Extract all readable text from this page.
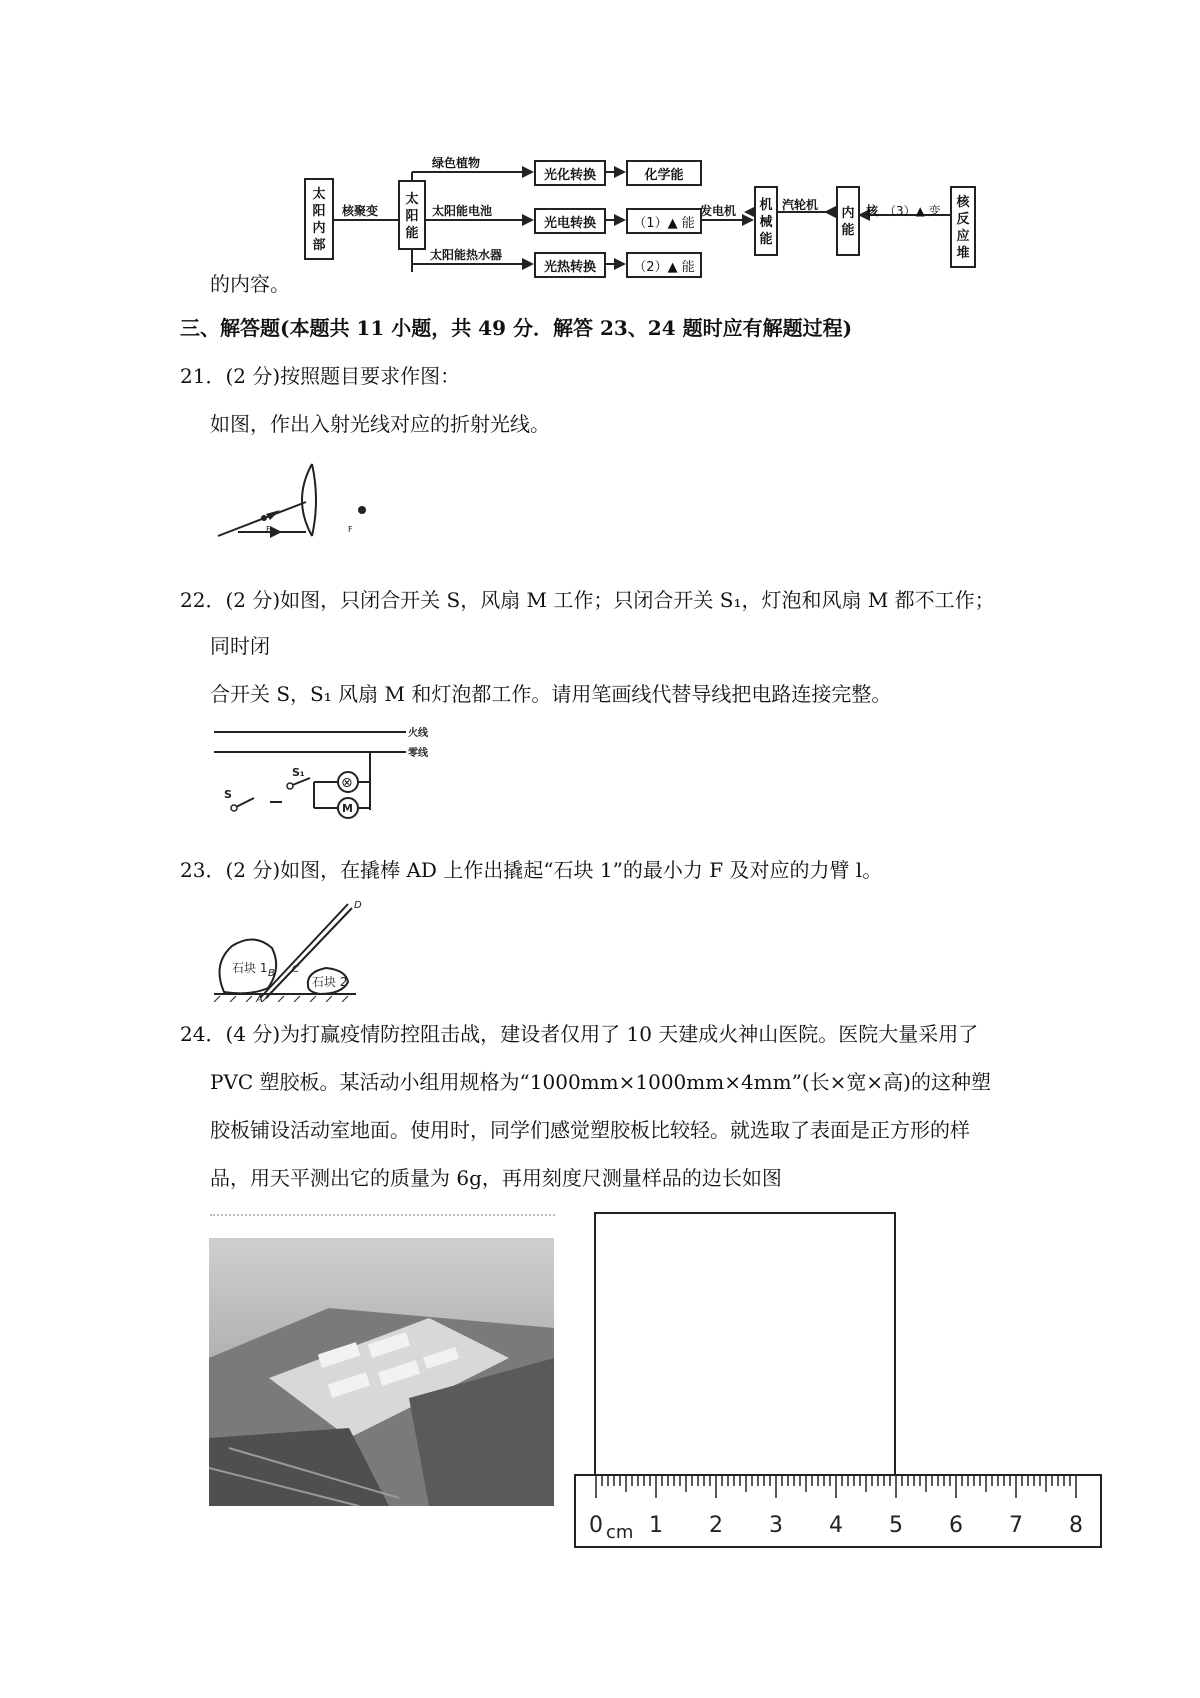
太
阳
内
部
核聚变
太
阳
能
绿色植物
太阳能电池
太阳能热水器
光化转换	化学能
光电转换	（1）▲ 能
光热转换	（2）▲ 能
发电机 机
械
能
汽轮机
内
能
核 （3）▲ 变
核
反
应
堆
的内容。
三、解答题(本题共 11 小题，共 49 分．解答 23、24 题时应有解题过程)
21．(2 分)按照题目要求作图：
如图，作出入射光线对应的折射光线。
F	F
22．(2 分)如图，只闭合开关 S，风扇 M 工作；只闭合开关 S₁，灯泡和风扇 M 都不工作；
同时闭
合开关 S，S₁ 风扇 M 和灯泡都工作。请用笔画线代替导线把电路连接完整。
火线
零线
S
S₁
⊗
M
23．(2 分)如图，在撬棒 AD 上作出撬起“石块 1”的最小力 F 及对应的力臂 l。
石块 1
石块 2
A
B C
D
24．(4 分)为打赢疫情防控阻击战，建设者仅用了 10 天建成火神山医院。医院大量采用了
PVC 塑胶板。某活动小组用规格为“1000mm×1000mm×4mm”(长×宽×高)的这种塑
胶板铺设活动室地面。使用时，同学们感觉塑胶板比较轻。就选取了表面是正方形的样
品，用天平测出它的质量为 6g，再用刻度尺测量样品的边长如图
0 1 2 3 4 5 6 7 8
cm
